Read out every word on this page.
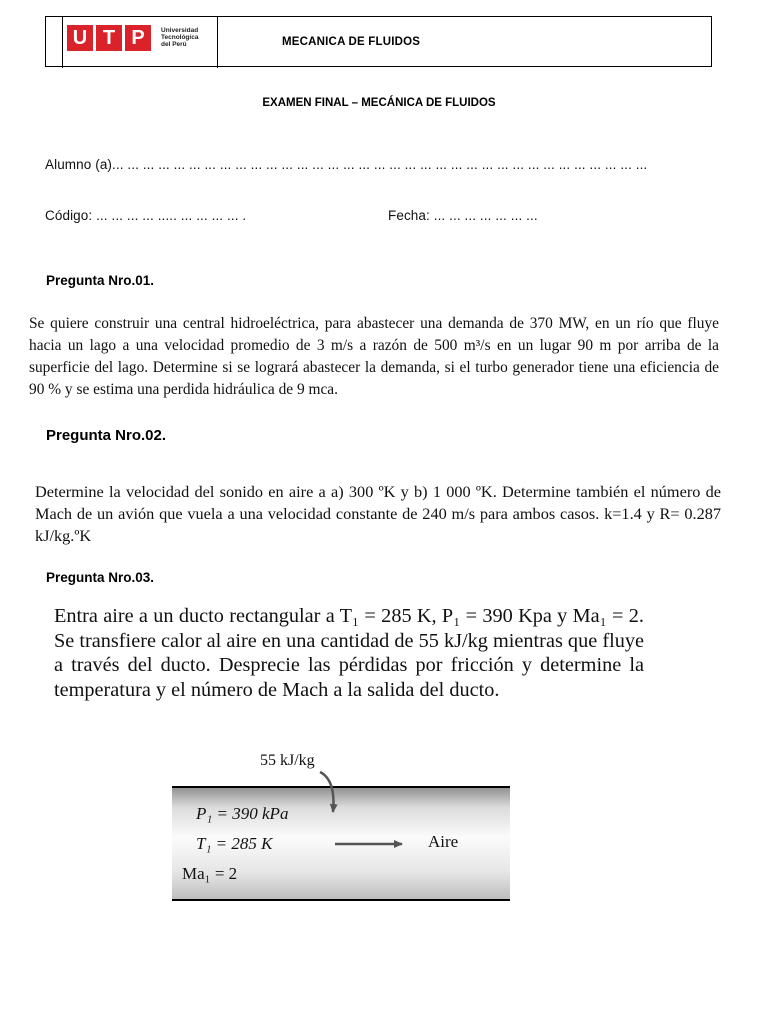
U T P	Universidad
Tecnológica
del Perú	MECANICA DE FLUIDOS
EXAMEN FINAL – MECÁNICA DE FLUIDOS
Alumno (a)... ... ... ... ... ... ... ... ... ... ... ... ... ... ... ... ... ... ... ... ... ... ... ... ... ... ... ... ... ... ... ... ... ... ...
Código: ... ... ... ... ..... ... ... ... ... .	Fecha: ... ... ... ... ... ... ...
Pregunta Nro.01.
Se quiere construir una central hidroeléctrica, para abastecer una demanda de 370 MW, en un río que fluye hacia un lago a una velocidad promedio de 3 m/s a razón de 500 m³/s en un lugar 90 m por arriba de la superficie del lago. Determine si se logrará abastecer la demanda, si el turbo generador tiene una eficiencia de 90 % y se estima una perdida hidráulica de 9 mca.
Pregunta Nro.02.
Determine la velocidad del sonido en aire a a) 300 ºK y b) 1 000 ºK. Determine también el número de Mach de un avión que vuela a una velocidad constante de 240 m/s para ambos casos. k=1.4 y R= 0.287 kJ/kg.ºK
Pregunta Nro.03.
Entra aire a un ducto rectangular a T₁ = 285 K, P₁ = 390 Kpa y Ma₁ = 2. Se transfiere calor al aire en una cantidad de 55 kJ/kg mientras que fluye a través del ducto. Desprecie las pérdidas por fricción y determine la temperatura y el número de Mach a la salida del ducto.
55 kJ/kg
P₁ = 390 kPa
T₁ = 285 K
Ma₁ = 2
Aire
